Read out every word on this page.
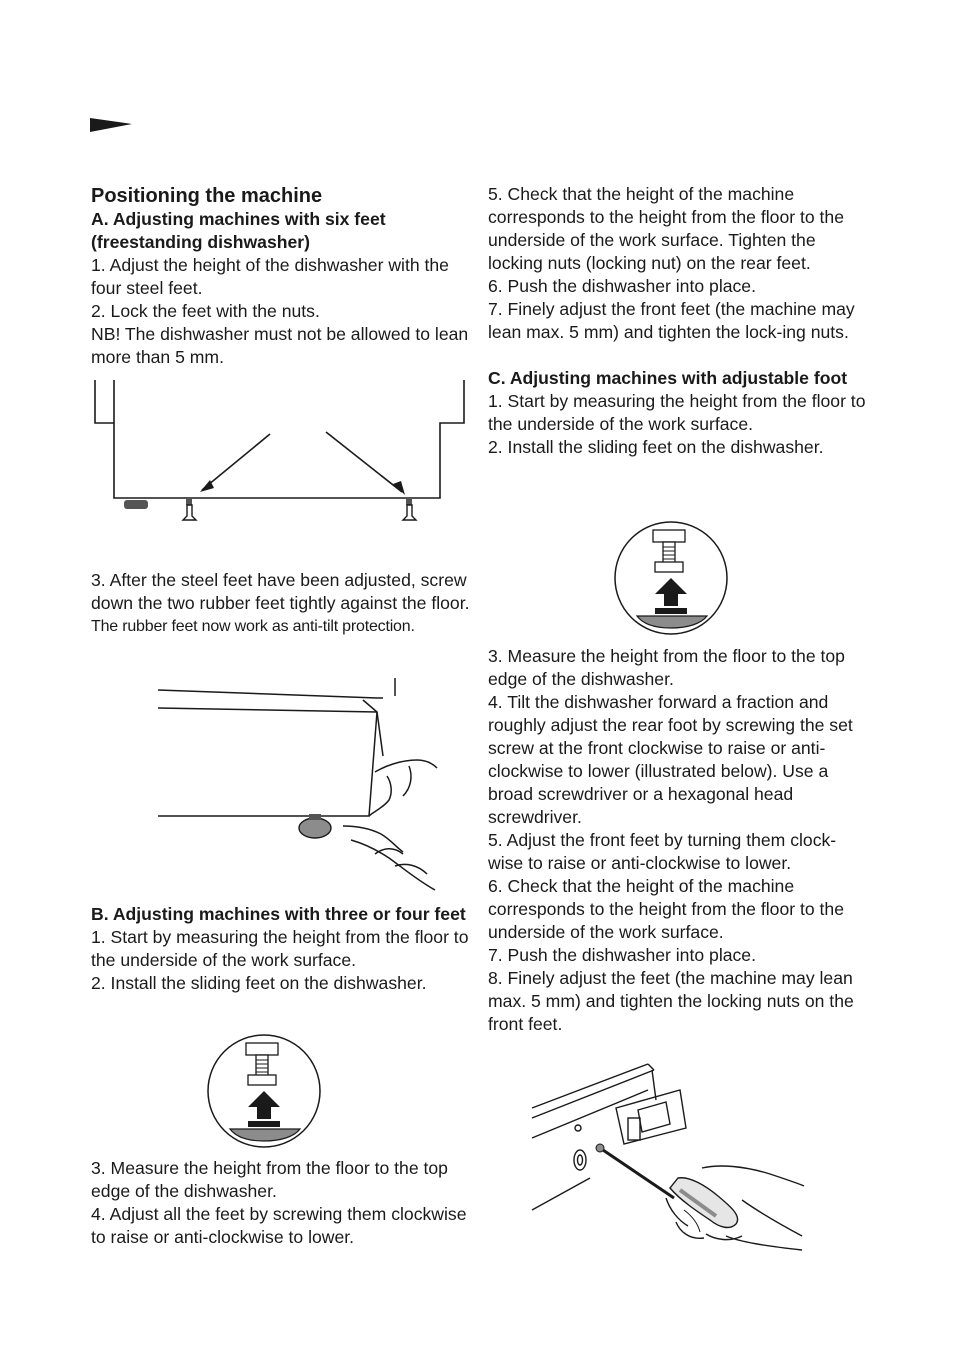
Positioning the machine

A. Adjusting machines with six feet (freestanding dishwasher)

1. Adjust the height of the dishwasher with the four steel feet.

2. Lock the feet with the nuts.

NB! The dishwasher must not be allowed to lean more than 5 mm.

3. After the steel feet have been adjusted, screw down the two rubber feet tightly against the floor.

The rubber feet now work as anti-tilt protection.

B. Adjusting machines with three or four feet

1. Start by measuring the height from the floor to the underside of the work surface.

2. Install the sliding feet on the dishwasher.

3. Measure the height from the floor to the top edge of the dishwasher.

4. Adjust all the feet by screwing them clockwise to raise or anti-clockwise to lower.

5. Check that the height of the machine corresponds to the height from the floor to the underside of the work surface. Tighten the locking nuts (locking nut) on the rear feet.

6. Push the dishwasher into place.

7. Finely adjust the front feet (the machine may lean max. 5 mm) and tighten the lock-ing nuts.

C. Adjusting machines with adjustable foot

1. Start by measuring the height from the floor to the underside of the work surface.

2. Install the sliding feet on the dishwasher.

3. Measure the height from the floor to the top edge of the dishwasher.

4. Tilt the dishwasher forward a fraction and roughly adjust the rear foot by screwing the set screw at the front clockwise to raise or anti-clockwise to lower (illustrated below). Use a broad screwdriver or a hexagonal head screwdriver.

5. Adjust the front feet by turning them clock-wise to raise or anti-clockwise to lower.

6. Check that the height of the machine corresponds to the height from the floor to the underside of the work surface.

7. Push the dishwasher into place.

8. Finely adjust the feet (the machine may lean max. 5 mm) and tighten the locking nuts on the front feet.
